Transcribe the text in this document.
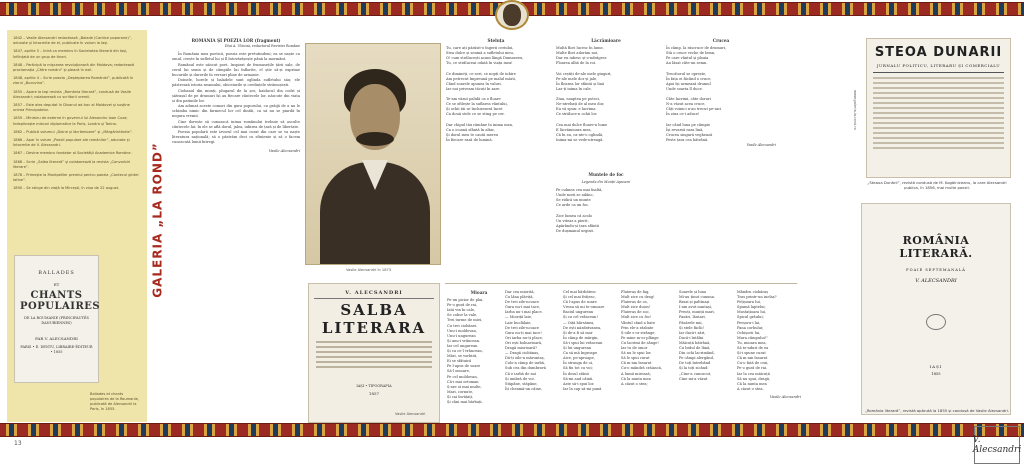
1842 – Vasile Alecsandri redactează „Balade (Cantice poporane)”, adunate și întocmite de el, publicate în volum la Iași.

1847, aprilie 5 – Intră ca membru în Societatea literară din Iași, înființată de un grup de tineri.

1848 – Participă la mișcarea revoluționară din Moldova; redactează proclamația „Către români” și pleacă în exil.

1848, aprilie 4 – Scrie poezia „Deșteptarea României”, publicată în ziarul „Bucovina”.

1855 – Apare la Iași revista „România literară”, condusă de Vasile Alecsandri; colaborează cu scriitorii vremii.

1857 – Este ales deputat în Divanul ad-hoc al Moldovei și susține unirea Principatelor.

1859 – Ministru de externe în guvernul lui Alexandru Ioan Cuza; îndeplinește misiuni diplomatice la Paris, Londra și Torino.

1862 – Publică volumul „Doine și lăcrămioare” și „Mărgărintărele”.

1866 – Apar în volum „Poezii populare ale românilor”, adunate și întocmite de V. Alecsandri.

1867 – Devine membru fondator al Societății Academice Române.

1868 – Scrie „Salba literară” și colaborează la revista „Convorbiri literare”.

1878 – Primește la Montpellier premiul pentru poezia „Cantecul gintei latine”.

1890 – Se stinge din viață la Mircești, în ziua de 22 august.

BALLADES
ET
CHANTS POPULAIRES
DE LA ROUMANIE (PRINCIPAUTÉS DANUBIENNES)
PAR V. ALECSANDRI
PARIS • E. DENTU, LIBRAIRE-ÉDITEUR • 1855
Ballades et chants populaires de la Roumanie, publicată de Alecsandri la Paris, în 1855.
GALERIA „LA ROND”
ROMÂNIA ȘI POEZIA LOR (fragment)
Dlui A. Ubicini, redactorul Revistei Române

În România mea poetică, poezia este pretutindeni; ea se naște cu omul, crește în sufletul lui și îl întovărășește până la mormânt.

Românul este născut poet. Inspirat de frumusețile țării sale, de cerul lui senin și de câmpiile lui înflorite, el știe să-și exprime bucuriile și durerile în versuri pline de armonie.

Doinele, horele și baladele sunt oglinda sufletului său; ele păstrează istoria neamului, obiceiurile și credințele strămoșești.

Ciobanul din munți, plugarul de la șes, haiducul din codri și șătrașul de pe drumuri își au fiecare cântecele lor, născute din viața și din patimile lor.

Am adunat aceste comori din gura poporului, cu grăijă de a nu le schimba nimic din farmecul lor cel dintâi, ca să nu se piardă în negura vremii.

Cine dorește să cunoască inima românului trebuie să asculte cântecele lui: în ele se află dorul, jalea, iubirea de țară și de libertate.

Poezia populară este izvorul cel mai curat din care se va naște literatura națională; să o păstrăm deci cu sfințenie și să o facem cunoscută lumii întregi.

Vasile Alecsandri
Vasile Alecsandri în 1873
V. ALECSANDRI
SALBA LITERARA
IAȘI • TIPOGRAFIA
1857
Vasile Alecsandri
Steluța
Tu, care ați părăsit-o îngerii ceriului,
Stea dulce și senină a sufletului meu,
O! cum strălucești acum lângă Dumnezeu,
Tu, ce străluceai odată în viața mea!

Ce dimineți, ce seri, ce nopți de iubire
Am petrecut împreună pe malul mării,
Când soarele apunea în valuri,
Iar noi priveam tăcuți în zare.

Te-am văzut palidă ca o floare
Ce se ofilește la suflarea vântului,
Și ochii tăi se închiseseră încet
Ca două stele ce se sting pe cer.

Dar chipul tău rămâne în inima mea,
Ca o icoană sfântă în altar,
Și dorul meu te caută mereu
În fiecare rază de lumină.
Lăcrămioare
Multă flori lucesc în lume,
Multe flori adorăm noi,
Dar eu iubesc și-o-ndrăgesc
Floarea albă de la roi.

Voi ceștiți de-ale mele ginguri,
Pe-ale mele dor și jale,
În floarea lor sfăntă și lină
Las-ți inima în cale.

Ziua, noaptea pe poteci,
Ne-ntrebați de al meu dor,
Eu vă spun: e lacrima
Ce străluce-n ochii lor.

Cea mai dulce floare-n lume
E lăcrămioara mea,
Că în ea, ca-ntr-o oglindă,
Inima-mi se vede-ntreagă.
Muntele de foc
Legenda din Munții Apuseni
Pe culmea cea mai înaltă,
Unde norii se adănc,
Se ridică un munte
Ce arde ca un foc.

Zice lumea că acolo
Un viteaz a pierit,
Apărându-și țara sfântă
De dușmanul urgisit.
Crucea
În câmp, la răscruce de drumuri,
Stă o cruce veche de lemn,
Pe care vântul și ploaia
Au lăsat câte-un semn.

Trecătorul se oprește,
În fața ei făcând o cruce,
Apoi își urmează drumul
Unde soarta îl duce.

Câte lacrimi, câte doruri
N-a văzut acea cruce,
Câți voinici n-au trecut pe-aici
În ziua ce-i aduce!

Iar când luna pe câmpie
Își revarsă raza lină,
Crucea singură veghează
Peste țara cea bătrână.
Vasile Alecsandri
Mioara
Pe-un picior de plai,
Pe-o gură de rai,
Iată vin în cale,
Se cobor la vale,
Trei turme de miei,
Cu trei ciobănei.
Unu-i moldovan,
Unu-i ungurean
Și unu-i vrâncean.
Iar cel ungurean
Și cu ce-l vrâncean,
Mări, se vorbiră,
Ei se sfătuiră
Pe l-apus de soare
Să-l omoare,
Pe cel moldovan,
Că-i mai ortoman
Ș-are oi mai multe,
Mari, cornute,
Și cai învățați,
Și câni mai bărbați.
Dar cea miorită,
Cu lâna plăviță,
De trei zile-ncoace
Gura nu-i mai tace,
Iarba nu-i mai place.
— Mioriță laie,
Laie buclălaie,
De trei zile-ncoace
Gura nu-ți mai tace!
Ori iarba nu-ți place,
Ori ești bolnavioară,
Dragă miorioară?
— Dragă ciobănaș,
Dă-ți oile-n măruntaș,
Colo-n câmp de iarbă,
Sub cea din dumbravă
Că e iarbă de noi
Și umbră de voi.
Stăpâne, stăpâne,
Îți cheamă-un câine,
Cel mai bărbătesc
Și cel mai frățesc,
Că l-apus de soare
Vreau să mi te-omoare
Baciul ungurean
Și cu cel vrâncean!
— Oiță bârsănea,
De ești năzdrăvanea,
Și de-a fi să mor
În câmp de mărgin,
Să-i spui lui vrâncean
Și lui ungurean
Ca să mă îngroape
Aice, pe-aproape,
În strunga de oi,
Să fiu tot cu voi;
În dosul stânii
Să-mi aud câinii.
Aste să-i spui lor.
Iar la cap să-mi pună
Fluieraș de fag,
Mult zice cu drag!
Fluieraș de os,
Mult zice duios!
Fluieraș de soc,
Mult zice cu foc!
Vântul când a bate
Prin ele-a răzbate
Ș-oile s-or strânge,
Pe mine m-or plânge
Cu lacrimi de sânge!
Iar tu de omor
Să nu le spui lor.
Să le spui curat
Că m-am însurat
Cu-o mândră crăiască,
A lumii mireasă;
Că la nunta mea
A căzut o stea;
Soarele și luna
Mi-au ținut cununa.
Brazi și paltinași
I-am avut nuntași,
Preoți, munții mari,
Pasări, lăutari,
Păsărele mii,
Și stele făclii!
Iar dacă-i zări,
Dacă-i întâlni
Măicuță bătrână,
Cu brâul de lână,
Din ochi lacrimând,
Pe câmpi alergând,
De toți întrebând
Și la toți zicând:
„Cine-a cunoscut,
Cine mi-a văzut
Mândru ciobăraș
Tras printr-un inelaș?
Fețișoara lui,
Spumă laptelui;
Mustațioara lui,
Spicul grâului;
Perșoru-i lui,
Pana corbului;
Ochișorii lui,
Mura câmpului!”
Tu, mioara mea,
Să te-nduri de ea
Și-i spune curat
Că m-am însurat
Cu-o fată de crai,
Pe-o gură de rai.
Iar la cea măicuță
Să nu spui, dragă,
Că la nunta mea
A căzut o stea.
Vasile Alecsandri
STEOA DUNARII
JURNALU POLITICU, LITERARU ȘI COMERCIALU
„Steaua Dunării”, revistă condusă de M. Kogălniceanu, la care Alecsandri publica, în 1856, mai multe poezii.
ROMÂNIA LITERARĂ.
FOAIE SEPTEMANALĂ
V. ALECSANDRI
IAȘI
1855
„România literară”, revistă apărută la 1855 și condusă de Vasile Alecsandri.
www.galeria-la-rond.ro
13	V. Alecsandri
